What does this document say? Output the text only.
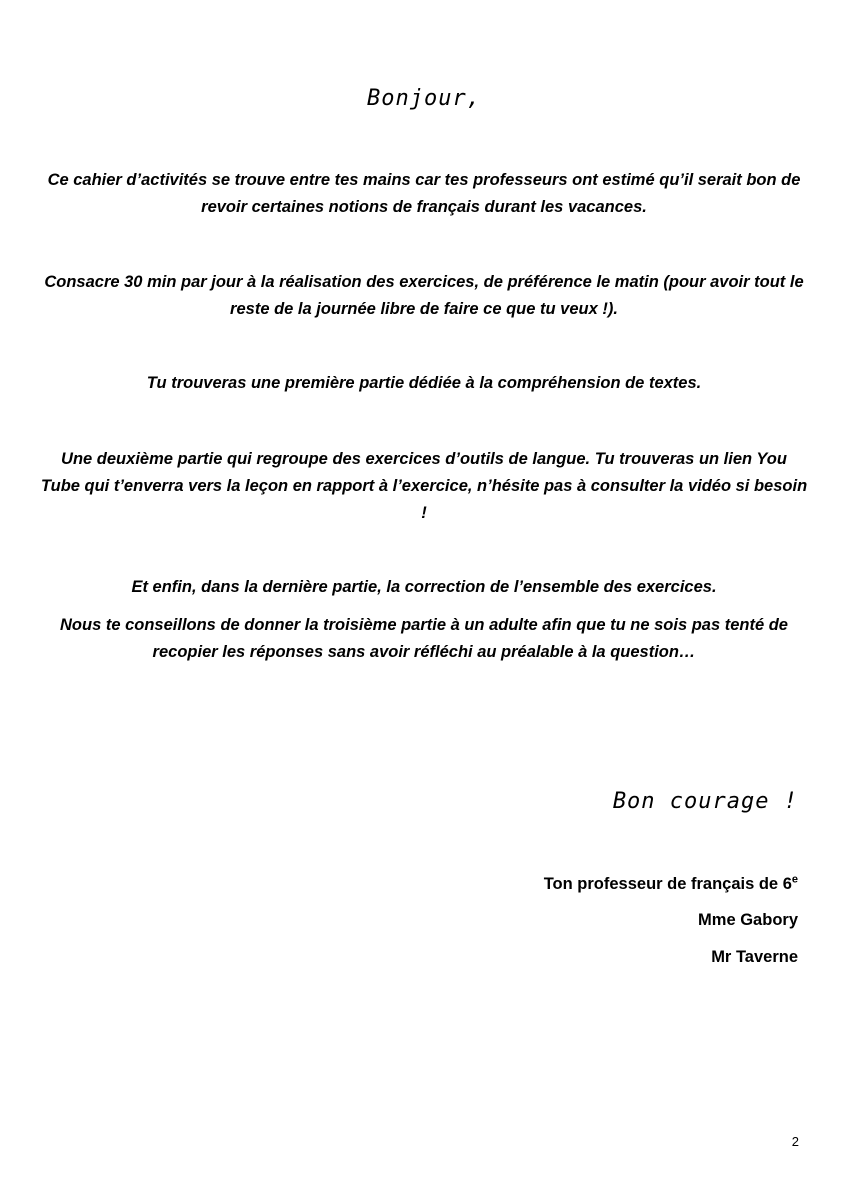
Bonjour,

Ce cahier d’activités se trouve entre tes mains car tes professeurs ont estimé qu’il serait bon de revoir certaines notions de français durant les vacances.

Consacre 30 min par jour à la réalisation des exercices, de préférence le matin (pour avoir tout le reste de la journée libre de faire ce que tu veux !).

Tu trouveras une première partie dédiée à la compréhension de textes.

Une deuxième partie qui regroupe des exercices d’outils de langue. Tu trouveras un lien You Tube qui t’enverra vers la leçon en rapport à l’exercice, n’hésite pas à consulter la vidéo si besoin !

Et enfin, dans la dernière partie, la correction de l’ensemble des exercices.

Nous te conseillons de donner la troisième partie à un adulte afin que tu ne sois pas tenté de recopier les réponses sans avoir réfléchi au préalable à la question…

Bon courage !
Ton professeur de français de 6e
Mme Gabory
Mr Taverne
2
